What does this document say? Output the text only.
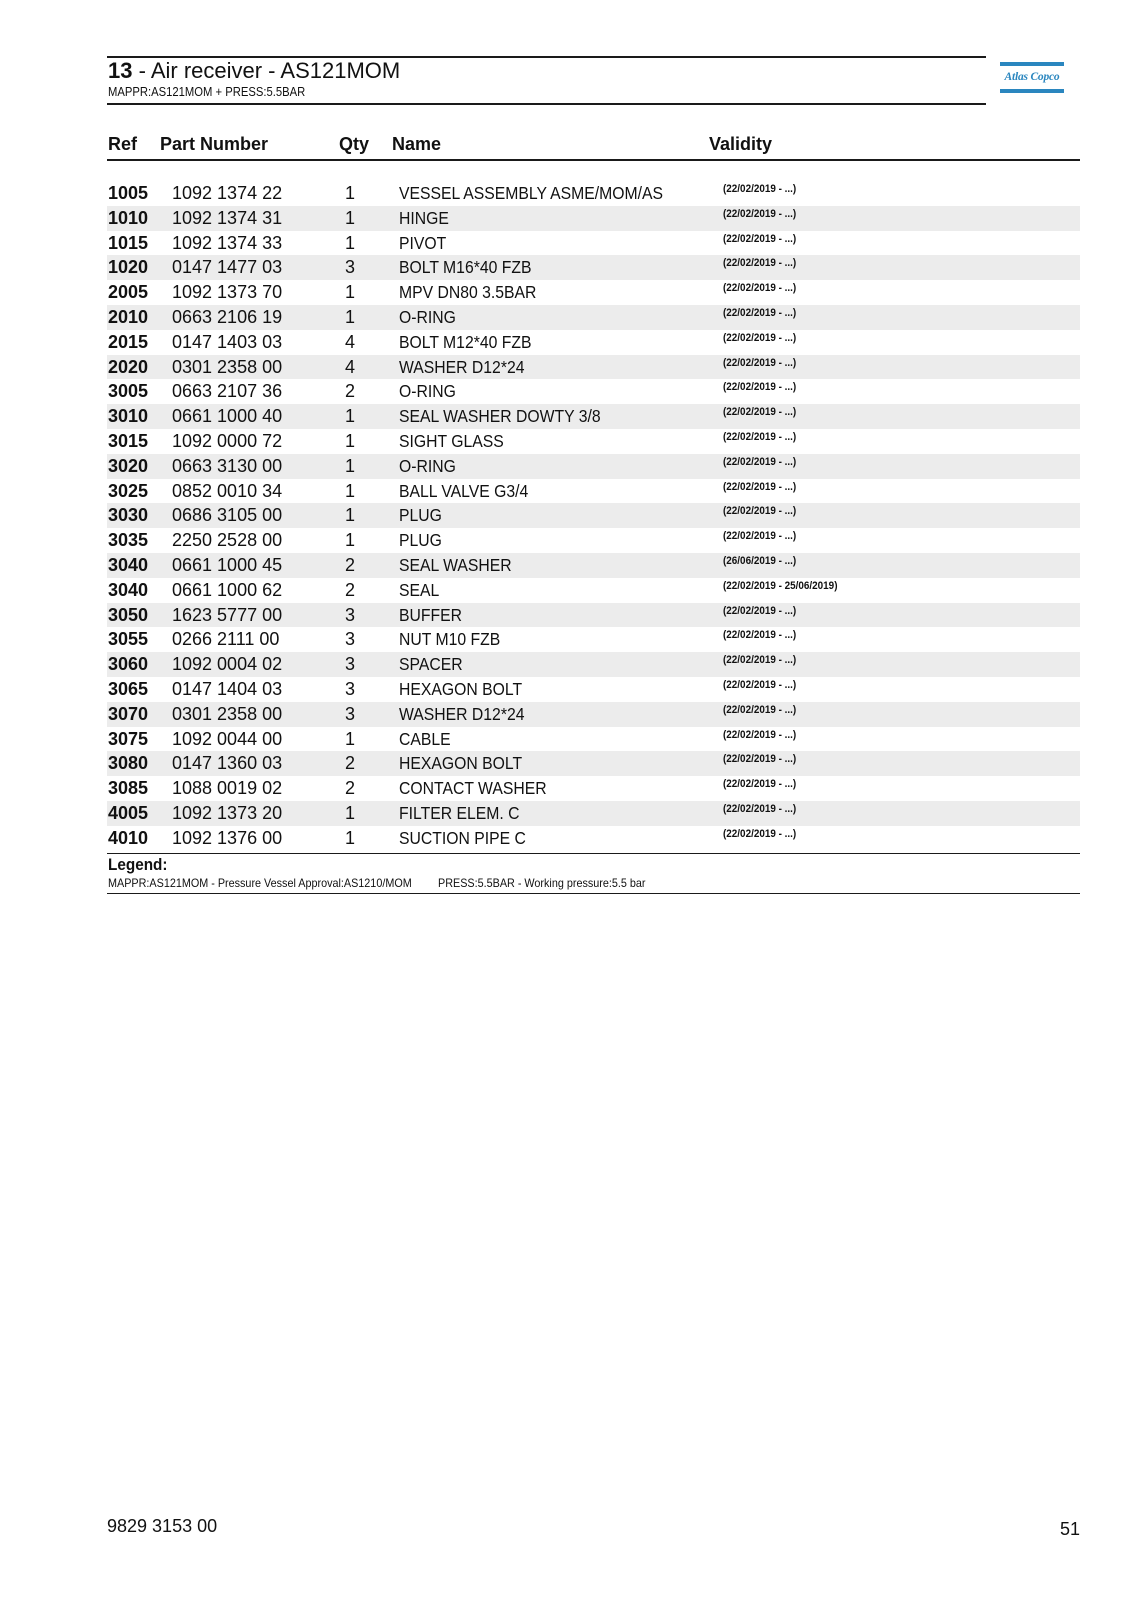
13 - Air receiver - AS121MOM
MAPPR:AS121MOM + PRESS:5.5BAR
Atlas Copco
Ref Part Number	Qty Name	Validity
1005 1092 1374 22	1	VESSEL ASSEMBLY ASME/MOM/AS	(22/02/2019 - ...)
1010 1092 1374 31	1	HINGE	(22/02/2019 - ...)
1015 1092 1374 33	1	PIVOT	(22/02/2019 - ...)
1020 0147 1477 03	3	BOLT M16*40 FZB	(22/02/2019 - ...)
2005 1092 1373 70	1	MPV DN80 3.5BAR	(22/02/2019 - ...)
2010 0663 2106 19	1	O-RING	(22/02/2019 - ...)
2015 0147 1403 03	4	BOLT M12*40 FZB	(22/02/2019 - ...)
2020 0301 2358 00	4	WASHER D12*24	(22/02/2019 - ...)
3005 0663 2107 36	2	O-RING	(22/02/2019 - ...)
3010 0661 1000 40	1	SEAL WASHER DOWTY 3/8	(22/02/2019 - ...)
3015 1092 0000 72	1	SIGHT GLASS	(22/02/2019 - ...)
3020 0663 3130 00	1	O-RING	(22/02/2019 - ...)
3025 0852 0010 34	1	BALL VALVE G3/4	(22/02/2019 - ...)
3030 0686 3105 00	1	PLUG	(22/02/2019 - ...)
3035 2250 2528 00	1	PLUG	(22/02/2019 - ...)
3040 0661 1000 45	2	SEAL WASHER	(26/06/2019 - ...)
3040 0661 1000 62	2	SEAL	(22/02/2019 - 25/06/2019)
3050 1623 5777 00	3	BUFFER	(22/02/2019 - ...)
3055 0266 2111 00	3	NUT M10 FZB	(22/02/2019 - ...)
3060 1092 0004 02	3	SPACER	(22/02/2019 - ...)
3065 0147 1404 03	3	HEXAGON BOLT	(22/02/2019 - ...)
3070 0301 2358 00	3	WASHER D12*24	(22/02/2019 - ...)
3075 1092 0044 00	1	CABLE	(22/02/2019 - ...)
3080 0147 1360 03	2	HEXAGON BOLT	(22/02/2019 - ...)
3085 1088 0019 02	2	CONTACT WASHER	(22/02/2019 - ...)
4005 1092 1373 20	1	FILTER ELEM. C	(22/02/2019 - ...)
4010 1092 1376 00	1	SUCTION PIPE C	(22/02/2019 - ...)
Legend:
MAPPR:AS121MOM - Pressure Vessel Approval:AS1210/MOM PRESS:5.5BAR - Working pressure:5.5 bar
9829 3153 00	51
